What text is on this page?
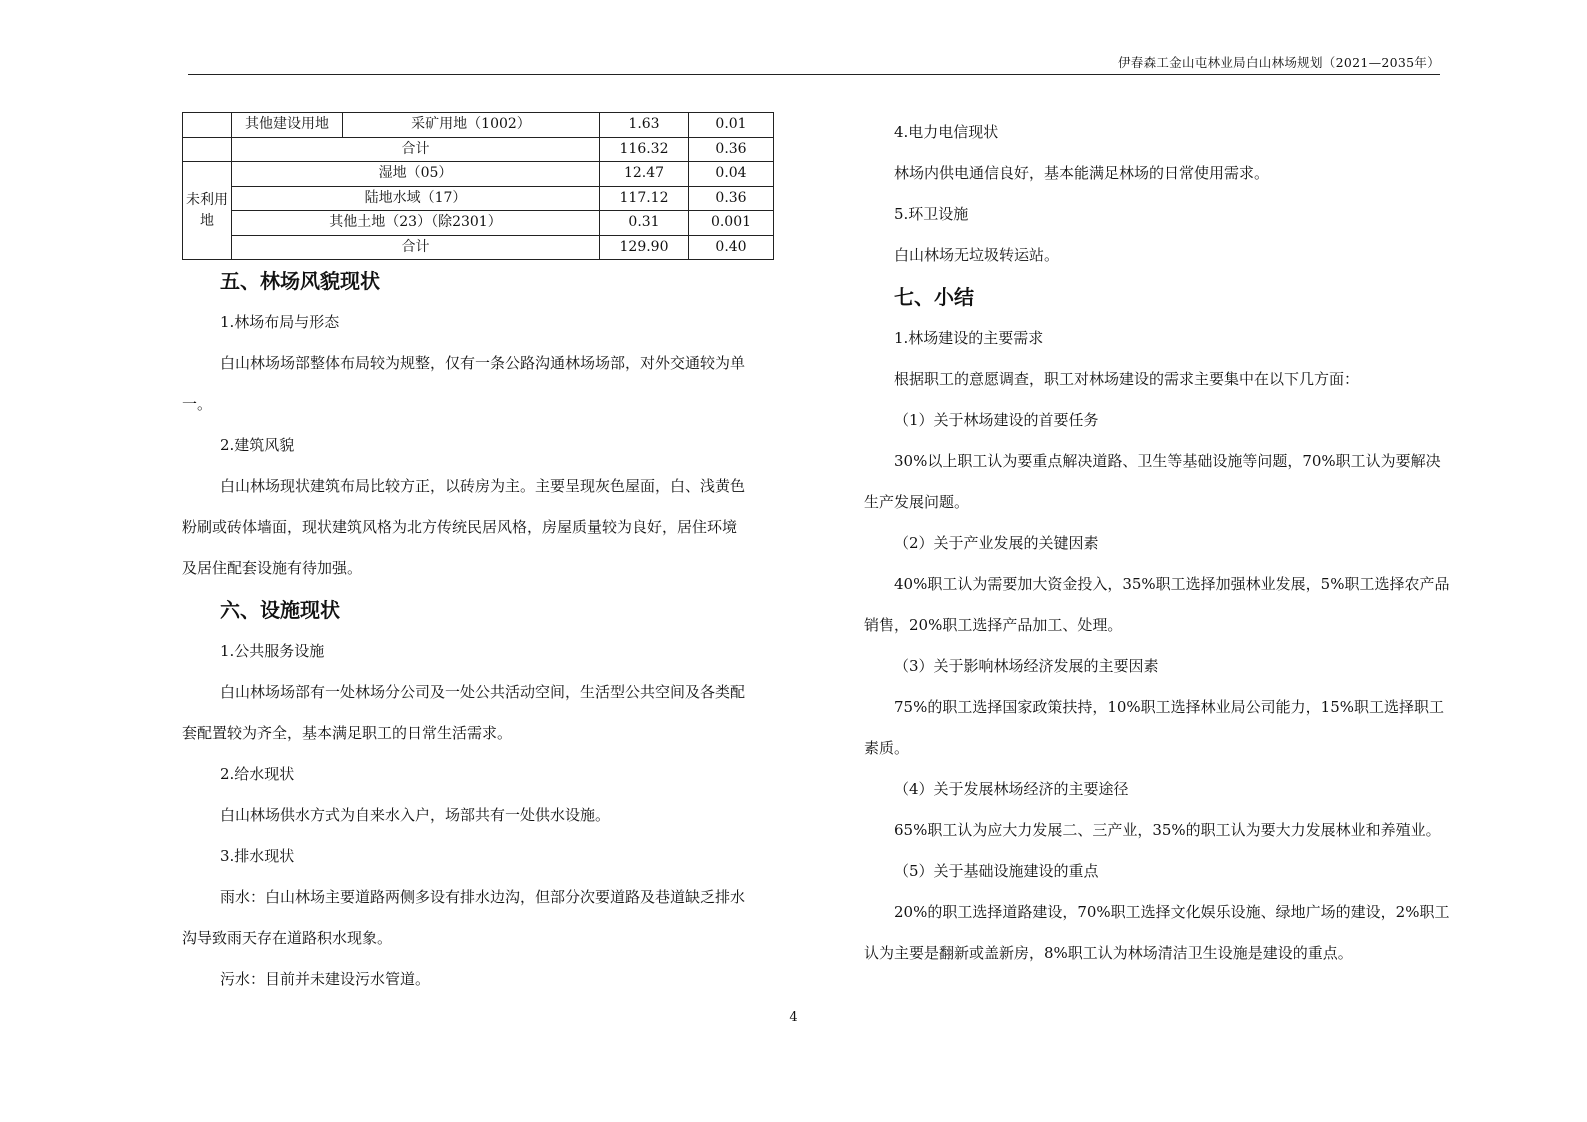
伊春森工金山屯林业局白山林场规划（2021—2035年）
	其他建设用地	采矿用地（1002）	1.63	0.01
	合计		116.32	0.36
未利用地	湿地（05）		12.47	0.04
	陆地水域（17）		117.12	0.36
	其他土地（23）（除2301）		0.31	0.001
	合计		129.90	0.40
五、林场风貌现状
1.林场布局与形态
白山林场场部整体布局较为规整，仅有一条公路沟通林场场部，对外交通较为单
一。
2.建筑风貌
白山林场现状建筑布局比较方正，以砖房为主。主要呈现灰色屋面，白、浅黄色
粉刷或砖体墙面，现状建筑风格为北方传统民居风格，房屋质量较为良好，居住环境
及居住配套设施有待加强。
六、设施现状
1.公共服务设施
白山林场场部有一处林场分公司及一处公共活动空间，生活型公共空间及各类配
套配置较为齐全，基本满足职工的日常生活需求。
2.给水现状
白山林场供水方式为自来水入户，场部共有一处供水设施。
3.排水现状
雨水：白山林场主要道路两侧多设有排水边沟，但部分次要道路及巷道缺乏排水
沟导致雨天存在道路积水现象。
污水：目前并未建设污水管道。
4.电力电信现状
林场内供电通信良好，基本能满足林场的日常使用需求。
5.环卫设施
白山林场无垃圾转运站。
七、小结
1.林场建设的主要需求
根据职工的意愿调查，职工对林场建设的需求主要集中在以下几方面：
（1）关于林场建设的首要任务
30%以上职工认为要重点解决道路、卫生等基础设施等问题，70%职工认为要解决
生产发展问题。
（2）关于产业发展的关键因素
40%职工认为需要加大资金投入，35%职工选择加强林业发展，5%职工选择农产品
销售，20%职工选择产品加工、处理。
（3）关于影响林场经济发展的主要因素
75%的职工选择国家政策扶持，10%职工选择林业局公司能力，15%职工选择职工
素质。
（4）关于发展林场经济的主要途径
65%职工认为应大力发展二、三产业，35%的职工认为要大力发展林业和养殖业。
（5）关于基础设施建设的重点
20%的职工选择道路建设，70%职工选择文化娱乐设施、绿地广场的建设，2%职工
认为主要是翻新或盖新房，8%职工认为林场清洁卫生设施是建设的重点。
4
